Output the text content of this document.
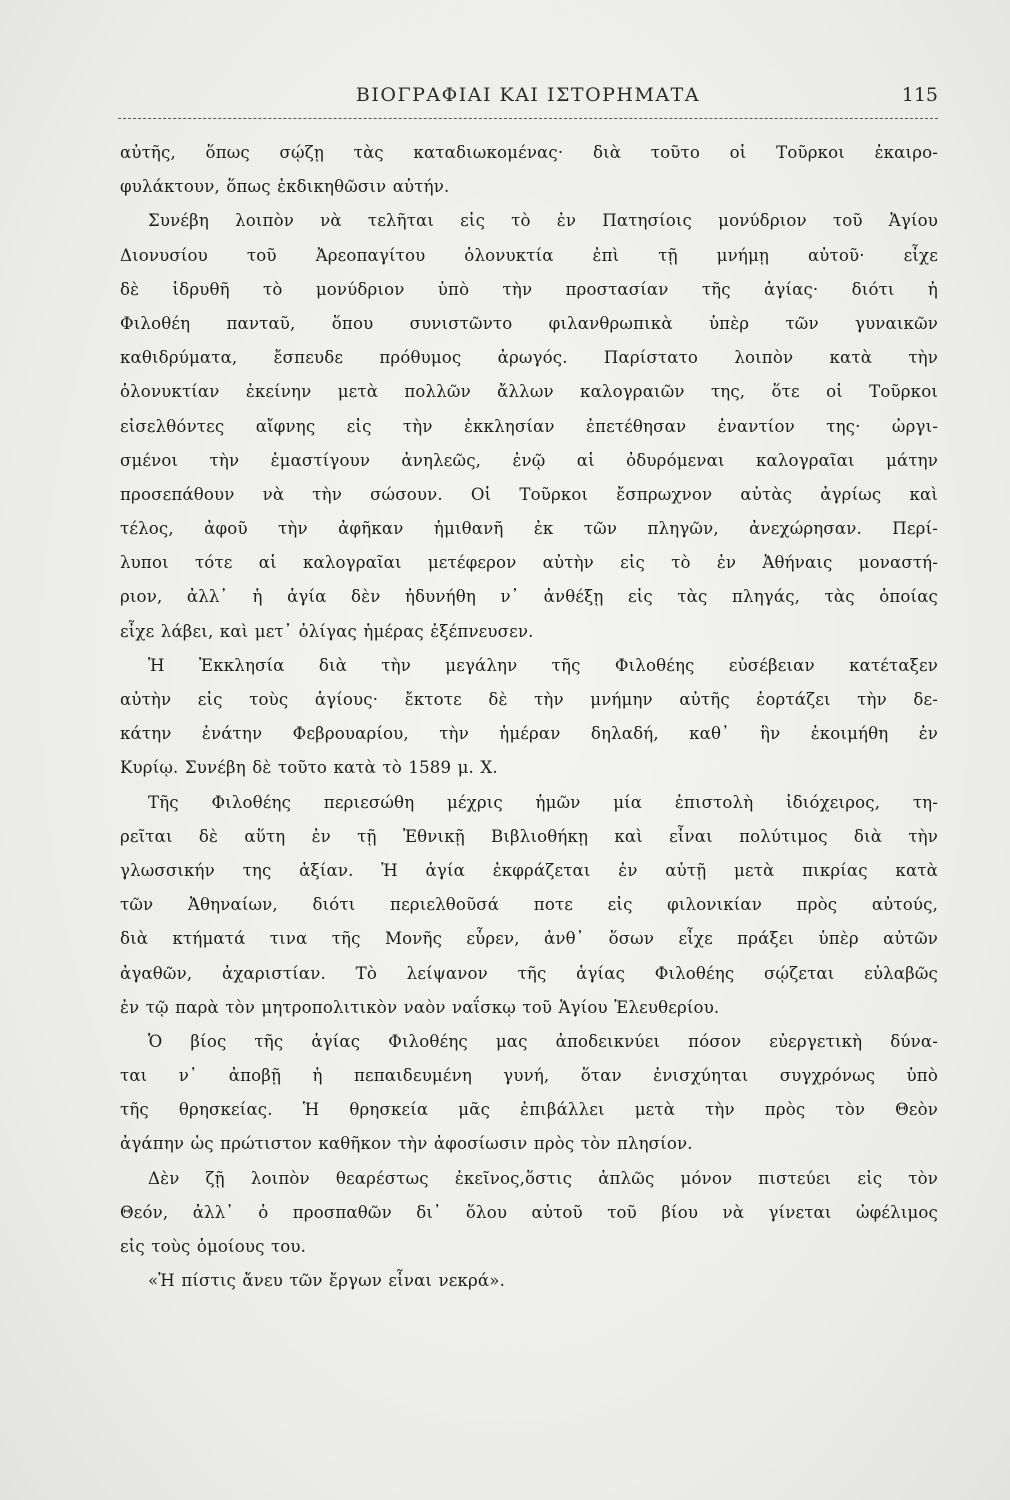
ΒΙΟΓΡΑΦΙΑΙ ΚΑΙ ΙΣΤΟΡΗΜΑΤΑ	115
αὐτῆς, ὅπως σῴζῃ τὰς καταδιωκομένας· διὰ τοῦτο οἱ Τοῦρκοι ἐκαιρο-
φυλάκτουν, ὅπως ἐκδικηθῶσιν αὐτήν.
Συνέβη λοιπὸν νὰ τελῆται εἰς τὸ ἐν Πατησίοις μονύδριον τοῦ Ἁγίου
Διονυσίου τοῦ Ἀρεοπαγίτου ὁλονυκτία ἐπὶ τῇ μνήμῃ αὐτοῦ· εἶχε
δὲ ἱδρυθῆ τὸ μονύδριον ὑπὸ τὴν προστασίαν τῆς ἁγίας· διότι ἡ
Φιλοθέη πανταῦ, ὅπου συνιστῶντο φιλανθρωπικὰ ὑπὲρ τῶν γυναικῶν
καθιδρύματα, ἔσπευδε πρόθυμος ἀρωγός. Παρίστατο λοιπὸν κατὰ τὴν
ὁλονυκτίαν ἐκείνην μετὰ πολλῶν ἄλλων καλογραιῶν της, ὅτε οἱ Τοῦρκοι
εἰσελθόντες αἴφνης εἰς τὴν ἐκκλησίαν ἐπετέθησαν ἐναντίον της· ὠργι-
σμένοι τὴν ἐμαστίγουν ἀνηλεῶς, ἐνῷ αἱ ὀδυρόμεναι καλογραῖαι μάτην
προσεπάθουν νὰ τὴν σώσουν. Οἱ Τοῦρκοι ἔσπρωχνον αὐτὰς ἀγρίως καὶ
τέλος, ἀφοῦ τὴν ἀφῆκαν ἡμιθανῆ ἐκ τῶν πληγῶν, ἀνεχώρησαν. Περί-
λυποι τότε αἱ καλογραῖαι μετέφερον αὐτὴν εἰς τὸ ἐν Ἀθήναις μοναστή-
ριον, ἀλλ᾽ ἡ ἁγία δὲν ἠδυνήθη ν᾽ ἀνθέξῃ εἰς τὰς πληγάς, τὰς ὁποίας
εἶχε λάβει, καὶ μετ᾽ ὀλίγας ἡμέρας ἐξέπνευσεν.
Ἡ Ἐκκλησία διὰ τὴν μεγάλην τῆς Φιλοθέης εὐσέβειαν κατέταξεν
αὐτὴν εἰς τοὺς ἁγίους· ἔκτοτε δὲ τὴν μνήμην αὐτῆς ἑορτάζει τὴν δε-
κάτην ἐνάτην Φεβρουαρίου, τὴν ἡμέραν δηλαδή, καθ᾽ ἣν ἐκοιμήθη ἐν
Κυρίῳ. Συνέβη δὲ τοῦτο κατὰ τὸ 1589 μ. Χ.
Τῆς Φιλοθέης περιεσώθη μέχρις ἡμῶν μία ἐπιστολὴ ἰδιόχειρος, τη-
ρεῖται δὲ αὕτη ἐν τῇ Ἐθνικῇ Βιβλιοθήκῃ καὶ εἶναι πολύτιμος διὰ τὴν
γλωσσικήν της ἀξίαν. Ἡ ἁγία ἐκφράζεται ἐν αὐτῇ μετὰ πικρίας κατὰ
τῶν Ἀθηναίων, διότι περιελθοῦσά ποτε εἰς φιλονικίαν πρὸς αὐτούς,
διὰ κτήματά τινα τῆς Μονῆς εὗρεν, ἀνθ᾽ ὅσων εἶχε πράξει ὑπὲρ αὐτῶν
ἀγαθῶν, ἀχαριστίαν. Τὸ λείψανον τῆς ἁγίας Φιλοθέης σῴζεται εὐλαβῶς
ἐν τῷ παρὰ τὸν μητροπολιτικὸν ναὸν ναΐσκῳ τοῦ Ἁγίου Ἐλευθερίου.
Ὁ βίος τῆς ἁγίας Φιλοθέης μας ἀποδεικνύει πόσον εὐεργετικὴ δύνα-
ται ν᾽ ἀποβῇ ἡ πεπαιδευμένη γυνή, ὅταν ἐνισχύηται συγχρόνως ὑπὸ
τῆς θρησκείας. Ἡ θρησκεία μᾶς ἐπιβάλλει μετὰ τὴν πρὸς τὸν Θεὸν
ἀγάπην ὡς πρώτιστον καθῆκον τὴν ἀφοσίωσιν πρὸς τὸν πλησίον.
Δὲν ζῇ λοιπὸν θεαρέστως ἐκεῖνος,ὅστις ἁπλῶς μόνον πιστεύει εἰς τὸν
Θεόν, ἀλλ᾽ ὁ προσπαθῶν δι᾽ ὅλου αὐτοῦ τοῦ βίου νὰ γίνεται ὠφέλιμος
εἰς τοὺς ὁμοίους του.
«Ἡ πίστις ἄνευ τῶν ἔργων εἶναι νεκρά».
